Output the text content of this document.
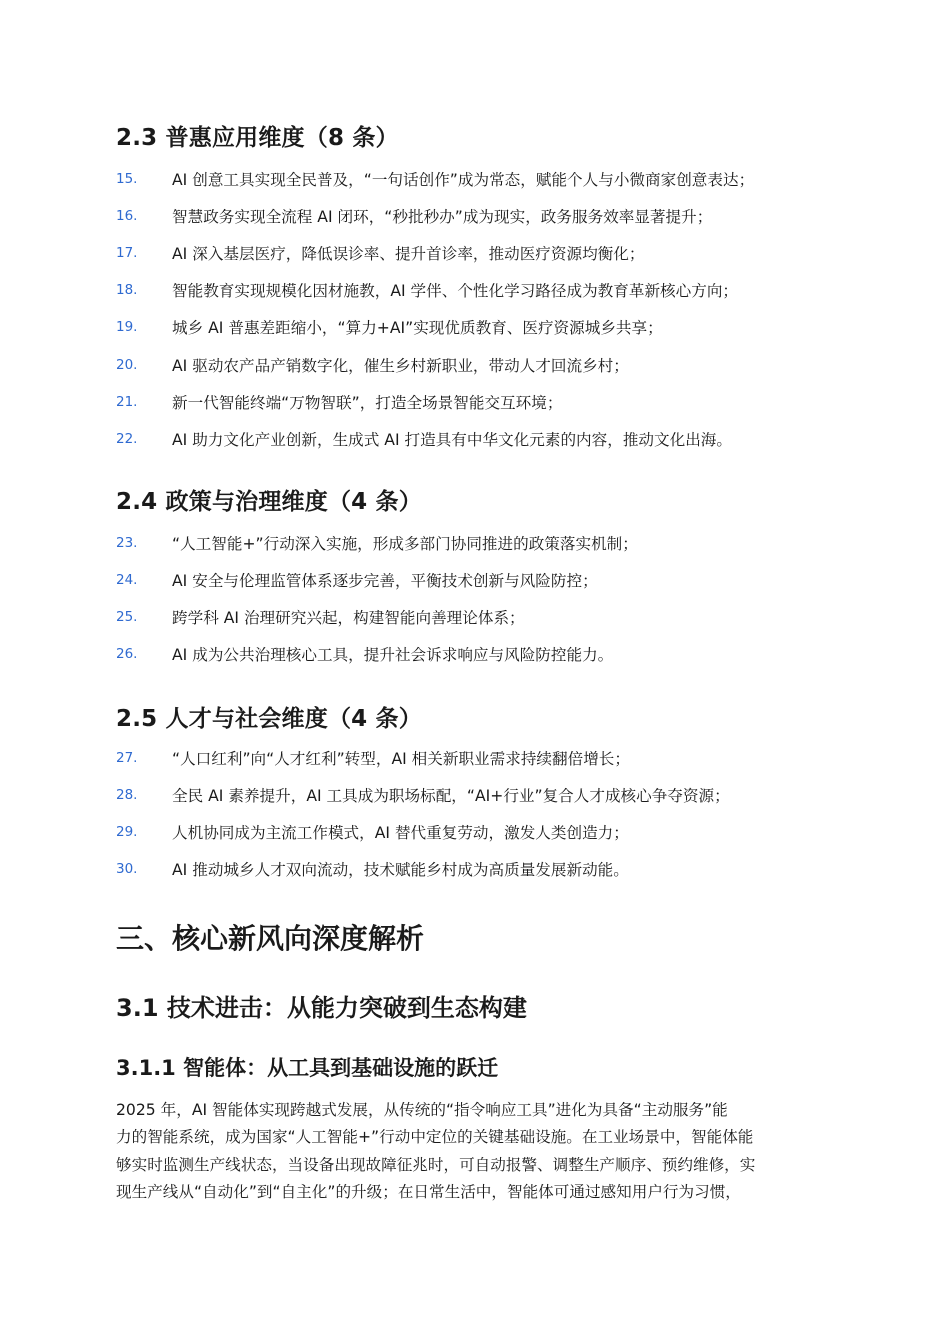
2.3 普惠应用维度（8 条）
15.	AI 创意工具实现全民普及，“一句话创作”成为常态，赋能个人与小微商家创意表达；
16.	智慧政务实现全流程 AI 闭环，“秒批秒办”成为现实，政务服务效率显著提升；
17.	AI 深入基层医疗，降低误诊率、提升首诊率，推动医疗资源均衡化；
18.	智能教育实现规模化因材施教，AI 学伴、个性化学习路径成为教育革新核心方向；
19.	城乡 AI 普惠差距缩小，“算力+AI”实现优质教育、医疗资源城乡共享；
20.	AI 驱动农产品产销数字化，催生乡村新职业，带动人才回流乡村；
21.	新一代智能终端“万物智联”，打造全场景智能交互环境；
22.	AI 助力文化产业创新，生成式 AI 打造具有中华文化元素的内容，推动文化出海。
2.4 政策与治理维度（4 条）
23.	“人工智能+”行动深入实施，形成多部门协同推进的政策落实机制；
24.	AI 安全与伦理监管体系逐步完善，平衡技术创新与风险防控；
25.	跨学科 AI 治理研究兴起，构建智能向善理论体系；
26.	AI 成为公共治理核心工具，提升社会诉求响应与风险防控能力。
2.5 人才与社会维度（4 条）
27.	“人口红利”向“人才红利”转型，AI 相关新职业需求持续翻倍增长；
28.	全民 AI 素养提升，AI 工具成为职场标配，“AI+行业”复合人才成核心争夺资源；
29.	人机协同成为主流工作模式，AI 替代重复劳动，激发人类创造力；
30.	AI 推动城乡人才双向流动，技术赋能乡村成为高质量发展新动能。
三、核心新风向深度解析
3.1 技术进击：从能力突破到生态构建
3.1.1 智能体：从工具到基础设施的跃迁
2025 年，AI 智能体实现跨越式发展，从传统的“指令响应工具”进化为具备“主动服务”能
力的智能系统，成为国家“人工智能+”行动中定位的关键基础设施。在工业场景中，智能体能
够实时监测生产线状态，当设备出现故障征兆时，可自动报警、调整生产顺序、预约维修，实
现生产线从“自动化”到“自主化”的升级；在日常生活中，智能体可通过感知用户行为习惯，
